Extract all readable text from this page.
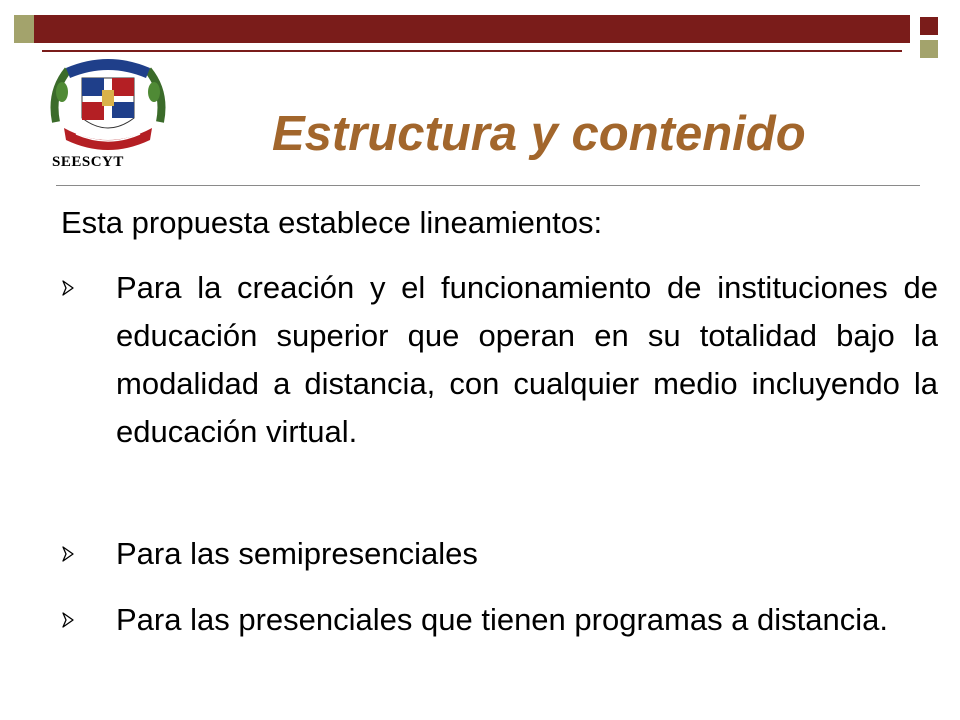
SEESCYT
Estructura y contenido
Esta propuesta establece lineamientos:
Para la creación y el funcionamiento de instituciones de educación superior que operan en su totalidad bajo la modalidad a distancia, con cualquier medio incluyendo la educación virtual.
Para las semipresenciales
Para las presenciales que tienen programas a distancia.
